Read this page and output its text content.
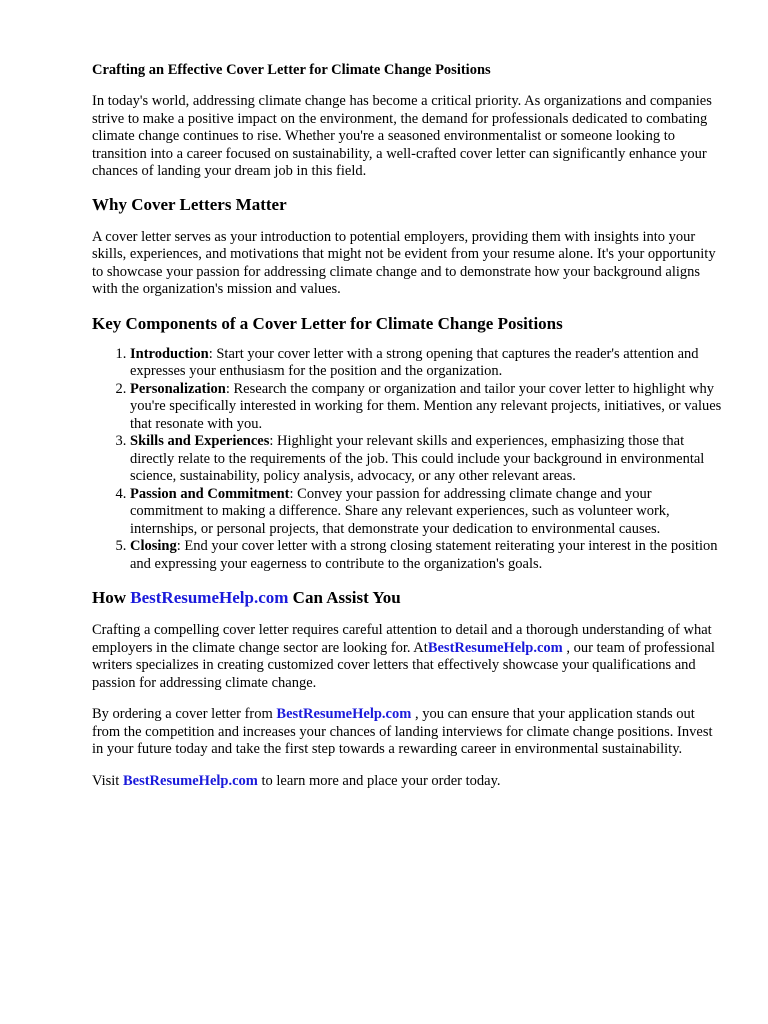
Crafting an Effective Cover Letter for Climate Change Positions

In today's world, addressing climate change has become a critical priority. As organizations and companies strive to make a positive impact on the environment, the demand for professionals dedicated to combating climate change continues to rise. Whether you're a seasoned environmentalist or someone looking to transition into a career focused on sustainability, a well-crafted cover letter can significantly enhance your chances of landing your dream job in this field.

Why Cover Letters Matter

A cover letter serves as your introduction to potential employers, providing them with insights into your skills, experiences, and motivations that might not be evident from your resume alone. It's your opportunity to showcase your passion for addressing climate change and to demonstrate how your background aligns with the organization's mission and values.

Key Components of a Cover Letter for Climate Change Positions
1. Introduction: Start your cover letter with a strong opening that captures the reader's attention and expresses your enthusiasm for the position and the organization.
2. Personalization: Research the company or organization and tailor your cover letter to highlight why you're specifically interested in working for them. Mention any relevant projects, initiatives, or values that resonate with you.
3. Skills and Experiences: Highlight your relevant skills and experiences, emphasizing those that directly relate to the requirements of the job. This could include your background in environmental science, sustainability, policy analysis, advocacy, or any other relevant areas.
4. Passion and Commitment: Convey your passion for addressing climate change and your commitment to making a difference. Share any relevant experiences, such as volunteer work, internships, or personal projects, that demonstrate your dedication to environmental causes.
5. Closing: End your cover letter with a strong closing statement reiterating your interest in the position and expressing your eagerness to contribute to the organization's goals.
How BestResumeHelp.com Can Assist You

Crafting a compelling cover letter requires careful attention to detail and a thorough understanding of what employers in the climate change sector are looking for. AtBestResumeHelp.com , our team of professional writers specializes in creating customized cover letters that effectively showcase your qualifications and passion for addressing climate change.

By ordering a cover letter from BestResumeHelp.com , you can ensure that your application stands out from the competition and increases your chances of landing interviews for climate change positions. Invest in your future today and take the first step towards a rewarding career in environmental sustainability.

Visit BestResumeHelp.com to learn more and place your order today.
